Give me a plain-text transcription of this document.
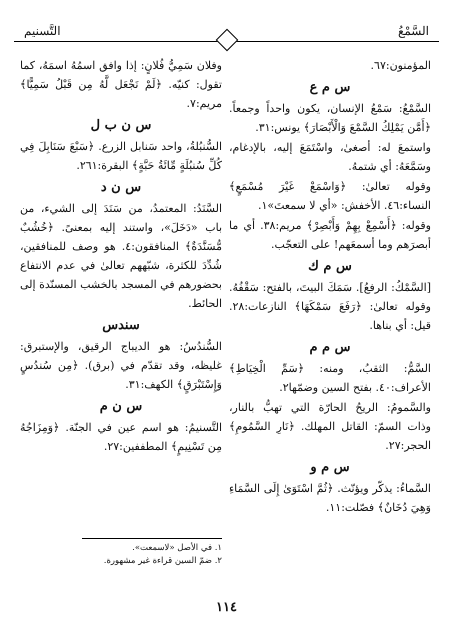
السَّمْعُ
التَّسنيم

المؤمنون:٦٧.

س م ع

السَّمْعُ: سَمْعُ الإنسان، يكون واحداً وجمعاً. ﴿أَمَّن يَمْلِكُ السَّمْعَ وَالْأَبْصَارَ﴾ يونس:٣١.

واستمعَ له: أصغىٰ، واسْتَمَعَ إليه، بالإدغام، وسَمَّعَهُ: أي شتمهُ.

وقوله تعالىٰ: ﴿وَاسْمَعْ غَيْرَ مُسْمَعٍ﴾ النساء:٤٦. الأخفش: «أي لا سمعتَ»١.

وقوله: ﴿أَسْمِعْ بِهِمْ وَأَبْصِرْ﴾ مريم:٣٨. أي ما أبصرَهم وما أسمعَهم! على التعجّب.

س م ك

[السَّمْكُ: الرفعُ]. سَمَكَ البيتَ، بالفتح: سَقْفُهُ. وقوله تعالىٰ: ﴿رَفَعَ سَمْكَهَا﴾ النازعات:٢٨. قيل: أي بناها.

س م م

السَّمُّ: الثقبُ، ومنه: ﴿سَمِّ الْخِيَاطِ﴾ الأعراف:٤٠. بفتح السين وضمّها٢.

والسَّمومُ: الريحُ الحارّة التي تهبُّ بالنار، وذات السمّ: القاتل المهلك. ﴿نَارِ السَّمُومِ﴾ الحجر:٢٧.

س م و

السَّماءُ: يذكّر ويؤنّث. ﴿ثُمَّ اسْتَوَىٰ إِلَى السَّمَاءِ وَهِيَ دُخَانٌ﴾ فصّلت:١١.

وفلان سَمِيُّ فُلانٍ: إذا وافق اسمُهُ اسمَهُ، كما تقول: كنيّه. ﴿لَمْ نَجْعَل لَّهُ مِن قَبْلُ سَمِيًّا﴾ مريم:٧.

س ن ب ل

السُّنبُلةُ، واحد سَنابل الزرع. ﴿سَبْعَ سَنَابِلَ فِي كُلِّ سُنبُلَةٍ مِّائَةُ حَبَّةٍ﴾ البقرة:٢٦١.

س ن د

السَّنَدُ: المعتمدُ، من سَنَدَ إلى الشيء، من باب «دَخَلَ»، واستند إليه بمعنىً. ﴿خُشُبٌ مُّسَنَّدَةٌ﴾ المنافقون:٤. هو وصف للمنافقين، شُدِّدَ للكثرة، شبّههم تعالىٰ في عدم الانتفاع بحضورهم في المسجد بالخشب المسنّدة إلى الحائط.

سندس

السُّندُسُ: هو الديباج الرقيق، والإستبرق: غليظه، وقد تقدّم في (برق). ﴿مِن سُندُسٍ وَإِسْتَبْرَقٍ﴾ الكهف:٣١.

س ن م

التَّسنيمُ: هو اسم عين في الجنّة. ﴿وَمِزَاجُهُ مِن تَسْنِيمٍ﴾ المطففين:٢٧.

١. في الأصل «لاسمعت».
٢. ضمّ السين قراءة غير مشهورة.
١١٤
